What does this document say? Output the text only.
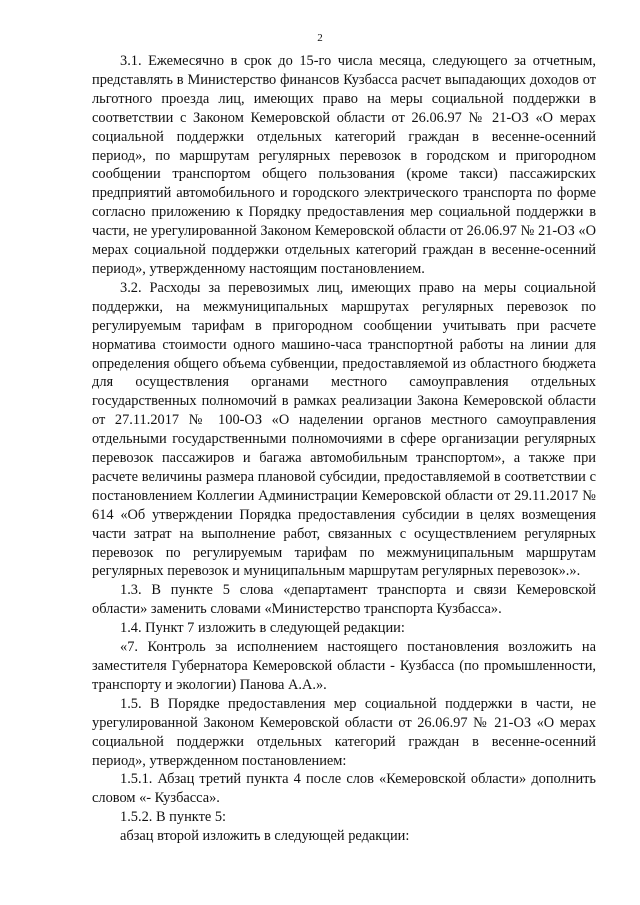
2

3.1. Ежемесячно в срок до 15-го числа месяца, следующего за отчетным, представлять в Министерство финансов Кузбасса расчет выпадающих доходов от льготного проезда лиц, имеющих право на меры социальной поддержки в соответствии с Законом Кемеровской области от 26.06.97 № 21-ОЗ «О мерах социальной поддержки отдельных категорий граждан в весенне-осенний период», по маршрутам регулярных перевозок в городском и пригородном сообщении транспортом общего пользования (кроме такси) пассажирских предприятий автомобильного и городского электрического транспорта по форме согласно приложению к Порядку предоставления мер социальной поддержки в части, не урегулированной Законом Кемеровской области от 26.06.97 № 21-ОЗ «О мерах социальной поддержки отдельных категорий граждан в весенне-осенний период», утвержденному настоящим постановлением.

3.2. Расходы за перевозимых лиц, имеющих право на меры социальной поддержки, на межмуниципальных маршрутах регулярных перевозок по регулируемым тарифам в пригородном сообщении учитывать при расчете норматива стоимости одного машино-часа транспортной работы на линии для определения общего объема субвенции, предоставляемой из областного бюджета для осуществления органами местного самоуправления отдельных государственных полномочий в рамках реализации Закона Кемеровской области от 27.11.2017 № 100-ОЗ «О наделении органов местного самоуправления отдельными государственными полномочиями в сфере организации регулярных перевозок пассажиров и багажа автомобильным транспортом», а также при расчете величины размера плановой субсидии, предоставляемой в соответствии с постановлением Коллегии Администрации Кемеровской области от 29.11.2017 № 614 «Об утверждении Порядка предоставления субсидии в целях возмещения части затрат на выполнение работ, связанных с осуществлением регулярных перевозок по регулируемым тарифам по межмуниципальным маршрутам регулярных перевозок и муниципальным маршрутам регулярных перевозок».».

1.3. В пункте 5 слова «департамент транспорта и связи Кемеровской области» заменить словами «Министерство транспорта Кузбасса».

1.4. Пункт 7 изложить в следующей редакции:

«7. Контроль за исполнением настоящего постановления возложить на заместителя Губернатора Кемеровской области - Кузбасса (по промышленности, транспорту и экологии) Панова А.А.».

1.5. В Порядке предоставления мер социальной поддержки в части, не урегулированной Законом Кемеровской области от 26.06.97 № 21-ОЗ «О мерах социальной поддержки отдельных категорий граждан в весенне-осенний период», утвержденном постановлением:

1.5.1. Абзац третий пункта 4 после слов «Кемеровской области» дополнить словом «- Кузбасса».

1.5.2. В пункте 5:

абзац второй изложить в следующей редакции:
